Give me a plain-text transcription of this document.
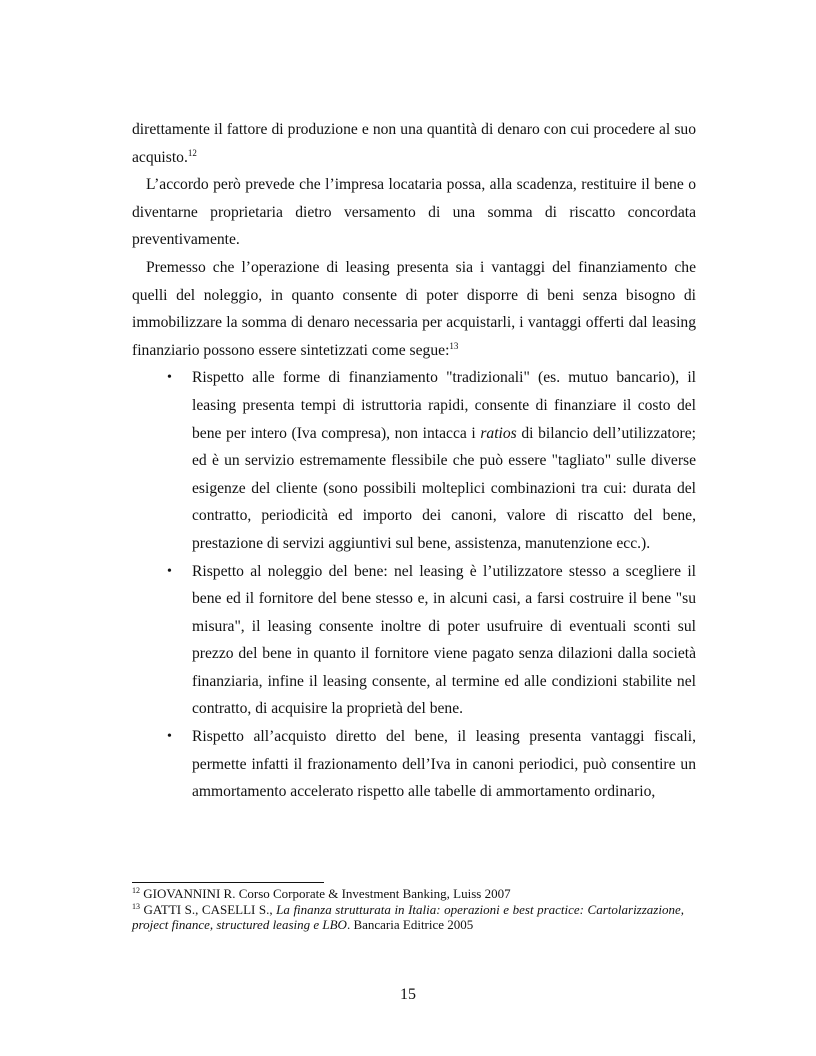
direttamente il fattore di produzione e non una quantità di denaro con cui procedere al suo acquisto.$^{12}$

L’accordo però prevede che l’impresa locataria possa, alla scadenza, restituire il bene o diventarne proprietaria dietro versamento di una somma di riscatto concordata preventivamente.

Premesso che l’operazione di leasing presenta sia i vantaggi del finanziamento che quelli del noleggio, in quanto consente di poter disporre di beni senza bisogno di immobilizzare la somma di denaro necessaria per acquistarli, i vantaggi offerti dal leasing finanziario possono essere sintetizzati come segue:$^{13}$

• Rispetto alle forme di finanziamento "tradizionali" (es. mutuo bancario), il leasing presenta tempi di istruttoria rapidi, consente di finanziare il costo del bene per intero (Iva compresa), non intacca i ratios di bilancio dell’utilizzatore; ed è un servizio estremamente flessibile che può essere "tagliato" sulle diverse esigenze del cliente (sono possibili molteplici combinazioni tra cui: durata del contratto, periodicità ed importo dei canoni, valore di riscatto del bene, prestazione di servizi aggiuntivi sul bene, assistenza, manutenzione ecc.).
• Rispetto al noleggio del bene: nel leasing è l’utilizzatore stesso a scegliere il bene ed il fornitore del bene stesso e, in alcuni casi, a farsi costruire il bene "su misura", il leasing consente inoltre di poter usufruire di eventuali sconti sul prezzo del bene in quanto il fornitore viene pagato senza dilazioni dalla società finanziaria, infine il leasing consente, al termine ed alle condizioni stabilite nel contratto, di acquisire la proprietà del bene.
• Rispetto all’acquisto diretto del bene, il leasing presenta vantaggi fiscali, permette infatti il frazionamento dell’Iva in canoni periodici, può consentire un ammortamento accelerato rispetto alle tabelle di ammortamento ordinario,

$^{12}$ GIOVANNINI R. Corso Corporate & Investment Banking, Luiss 2007

$^{13}$ GATTI S., CASELLI S., La finanza strutturata in Italia: operazioni e best practice: Cartolarizzazione, project finance, structured leasing e LBO. Bancaria Editrice 2005

15
